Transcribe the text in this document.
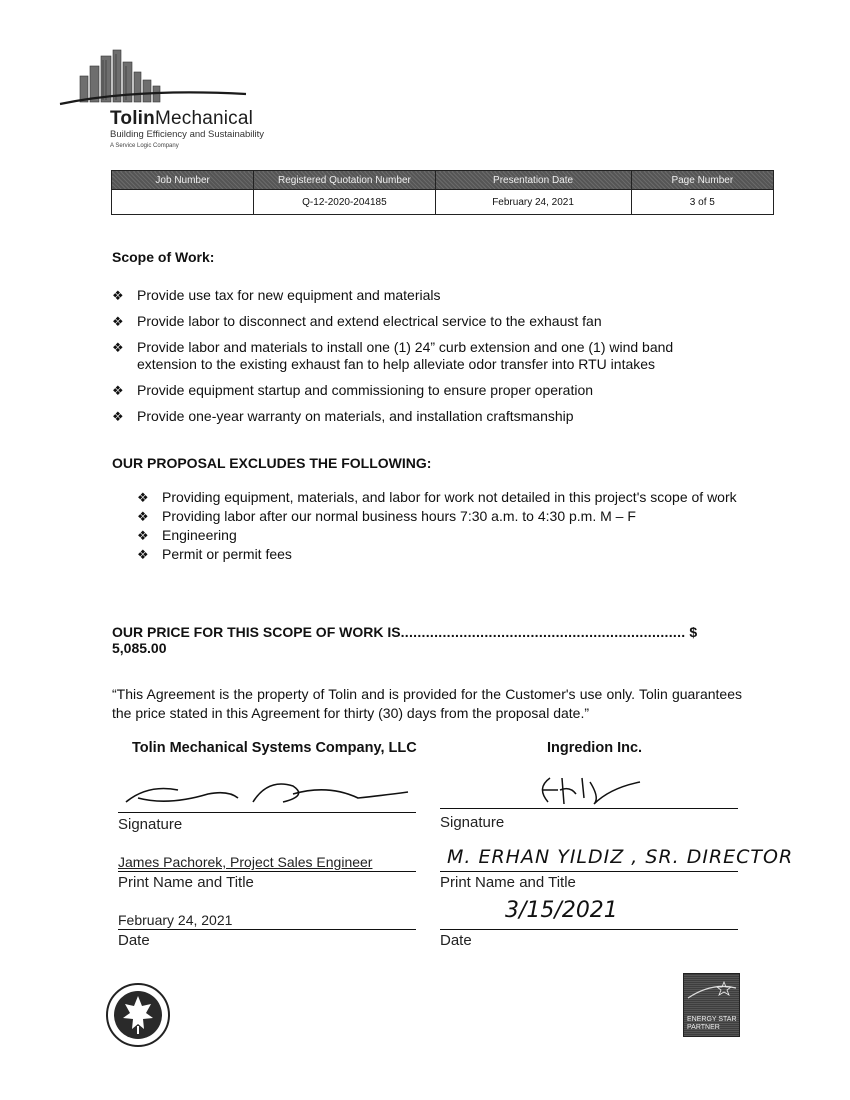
TolinMechanical
Building Efficiency and Sustainability
A Service Logic Company
Job Number	Registered Quotation Number	Presentation Date	Page Number
	Q-12-2020-204185	February 24, 2021	3 of 5
Scope of Work:
❖ Provide use tax for new equipment and materials
❖ Provide labor to disconnect and extend electrical service to the exhaust fan
❖ Provide labor and materials to install one (1) 24” curb extension and one (1) wind band extension to the existing exhaust fan to help alleviate odor transfer into RTU intakes
❖ Provide equipment startup and commissioning to ensure proper operation
❖ Provide one-year warranty on materials, and installation craftsmanship
OUR PROPOSAL EXCLUDES THE FOLLOWING:
❖ Providing equipment, materials, and labor for work not detailed in this project's scope of work
❖ Providing labor after our normal business hours 7:30 a.m. to 4:30 p.m. M – F
❖ Engineering
❖ Permit or permit fees
OUR PRICE FOR THIS SCOPE OF WORK IS.................................................................... $ 5,085.00
“This Agreement is the property of Tolin and is provided for the Customer's use only. Tolin guarantees the price stated in this Agreement for thirty (30) days from the proposal date.”
Tolin Mechanical Systems Company, LLC
Signature
James Pachorek, Project Sales Engineer
Print Name and Title
February 24, 2021
Date
Ingredion Inc.
Signature
M. ERHAN YILDIZ , SR. DIRECTOR
Print Name and Title
3/15/2021
Date
ENERGY STAR PARTNER
